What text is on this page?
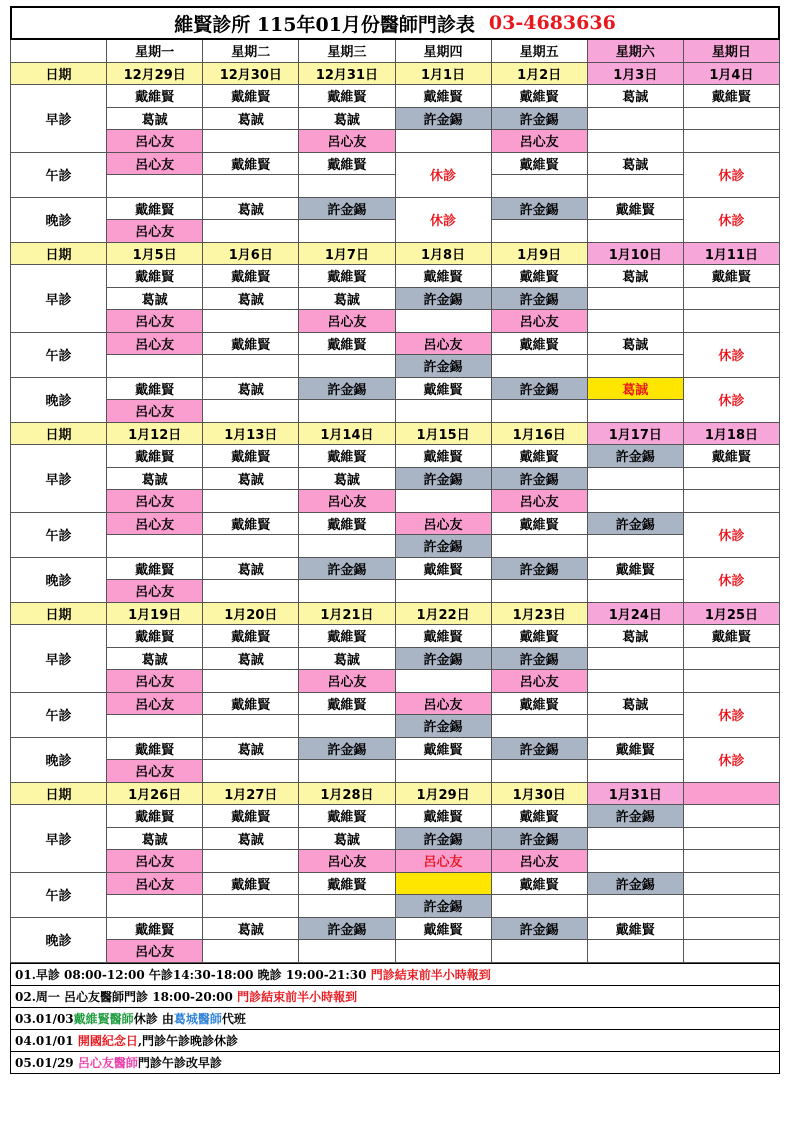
維賢診所 115年01月份醫師門診表 03-4683636
	星期一	星期二	星期三	星期四	星期五	星期六	星期日
日期	12月29日	12月30日	12月31日	1月1日	1月2日	1月3日	1月4日
早診	戴維賢	戴維賢	戴維賢	戴維賢	戴維賢	葛誠	戴維賢
	葛誠	葛誠	葛誠	許金錫	許金錫		
	呂心友		呂心友		呂心友		
午診	呂心友	戴維賢	戴維賢	休診	戴維賢	葛誠	休診

晚診	戴維賢	葛誠	許金錫	休診	許金錫	戴維賢	休診
	呂心友						
日期	1月5日	1月6日	1月7日	1月8日	1月9日	1月10日	1月11日
早診	戴維賢	戴維賢	戴維賢	戴維賢	戴維賢	葛誠	戴維賢
	葛誠	葛誠	葛誠	許金錫	許金錫		
	呂心友		呂心友		呂心友		
午診	呂心友	戴維賢	戴維賢	呂心友	戴維賢	葛誠	休診
				許金錫			
晚診	戴維賢	葛誠	許金錫	戴維賢	許金錫	葛誠	休診
	呂心友						
日期	1月12日	1月13日	1月14日	1月15日	1月16日	1月17日	1月18日
早診	戴維賢	戴維賢	戴維賢	戴維賢	戴維賢	許金錫	戴維賢
	葛誠	葛誠	葛誠	許金錫	許金錫		
	呂心友		呂心友		呂心友		
午診	呂心友	戴維賢	戴維賢	呂心友	戴維賢	許金錫	休診
				許金錫			
晚診	戴維賢	葛誠	許金錫	戴維賢	許金錫	戴維賢	休診
	呂心友						
日期	1月19日	1月20日	1月21日	1月22日	1月23日	1月24日	1月25日
早診	戴維賢	戴維賢	戴維賢	戴維賢	戴維賢	葛誠	戴維賢
	葛誠	葛誠	葛誠	許金錫	許金錫		
	呂心友		呂心友		呂心友		
午診	呂心友	戴維賢	戴維賢	呂心友	戴維賢	葛誠	休診
				許金錫			
晚診	戴維賢	葛誠	許金錫	戴維賢	許金錫	戴維賢	休診
	呂心友						
日期	1月26日	1月27日	1月28日	1月29日	1月30日	1月31日	
早診	戴維賢	戴維賢	戴維賢	戴維賢	戴維賢	許金錫	
	葛誠	葛誠	葛誠	許金錫	許金錫		
	呂心友		呂心友	呂心友	呂心友		
午診	呂心友	戴維賢	戴維賢		戴維賢	許金錫	
				許金錫			
晚診	戴維賢	葛誠	許金錫	戴維賢	許金錫	戴維賢	
	呂心友						
01.早診 08:00-12:00 午診14:30-18:00 晚診 19:00-21:30 門診結束前半小時報到
02.周一 呂心友醫師門診 18:00-20:00 門診結束前半小時報到
03.01/03戴維賢醫師休診 由葛城醫師代班
04.01/01 開國紀念日,門診午診晚診休診
05.01/29 呂心友醫師門診午診改早診
